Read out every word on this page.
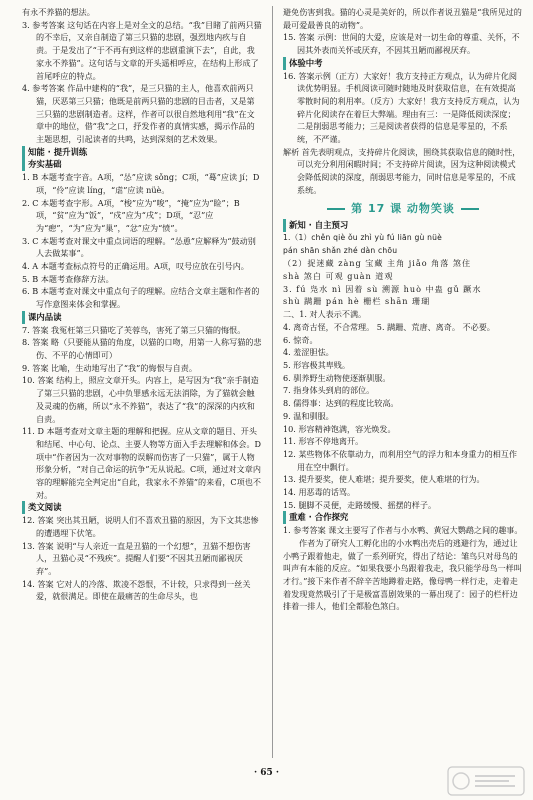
有永不养猫的想法。

3. 参考答案 这句话在内容上是对全文的总结。“我”目睹了前两只猫的不幸后，又亲自制造了第三只猫的悲剧，强烈地内疚与自责。于是发出了“于不再有到这样的悲剧重演下去”，自此，我家永不养猫”。这句话与文章的开头遥相呼应，在结构上形成了首尾呼应的特点。

4. 参考答案 作品中建构的“我”，是三只猫的主人，他喜欢前两只猫，厌恶第三只猫；他既是前两只猫的悲剧的目击者，又是第三只猫的悲剧制造者。这样，作者可以很自然地利用“我”在文章中的地位，借“我”之口，抒发作者的真情实感，揭示作品的主题思想，引起读者的共鸣，达到深刻的艺术效果。

知能 · 提升训练

夯实基础

1. B 本题考查字音。A项，“怂”应读 sǒng；C项，“蓦”应读 jí；D项，“伶”应读 líng，“虐”应读 nüè。

2. C 本题考查字形。A项，“梭”应为“唆”，“掩”应为“睑”；B项，“贫”应为“饭”，“戍”应为“戌”；D项，“忍”应为“瘛”，“为”应为“巢”，“忿”应为“愤”。

3. C 本题考查对课文中重点词语的理解。“怂恿”应解释为“鼓动别人去做某事”。

4. A 本题考查标点符号的正确运用。A项，叹号应放在引号内。

5. B 本题考查修辞方法。

6. B 本题考查对课文中重点句子的理解。应结合文章主题和作者的写作意图来体会和掌握。

课内品读

7. 答案 我冤枉第三只猫吃了芙蓉鸟，害死了第三只猫的悔恨。

8. 答案 略（只要能从猫的角度，以猫的口吻，用第一人称写猫的悲伤、不平的心情即可）

9. 答案 比喻，生动地写出了“我”的悔恨与自责。

10. 答案 结构上，照应文章开头。内容上，是写因为“我”亲手制造了第三只猫的悲剧，心中负罪感永远无法消除，为了猫就会触及灵魂的伤痛，所以“永不养猫”，表达了“我”的深深的内疚和自责。

11. D 本题考查对文章主题的理解和把握。应从文章的题目、开头和结尾、中心句、论点、主要人物等方面入手去理解和体会。D项中“作者因为一次对事物的误解而伤害了一只猫”，属于人物形象分析，“对自己命运的抗争”无从说起。C项，通过对文章内容的理解能完全判定出“自此，我家永不养猫”的来看，C项也不对。

类文阅读

12. 答案 突出其丑陋，说明人们不喜欢丑猫的原因，为下文其悲惨的遭遇埋下伏笔。

13. 答案 说明“与人亲近一直是丑猫的一个幻想”，丑猫不想伤害人，丑猫心灵“不残疾”。提醒人们要“不因其丑陋而鄙视厌弃”。

14. 答案 它对人的冷落、欺凌不怨恨，不计较，只求得到一丝关爱，就很满足。即使在最痛苦的生命尽头，也

避免伤害到我。猫的心灵是美好的，所以作者说丑猫是“我所见过的最可爱最善良的动物”。

15. 答案 示例：世间的大爱，应该是对一切生命的尊重、关怀，不因其外表而关怀或厌弃，不因其丑陋而鄙视厌弃。

体验中考

16. 答案示例（正方）大家好！我方支持正方观点，认为碎片化阅读优势明显。手机阅读可随时随地及时获取信息，在有效提高零散时间的利用率。（反方）大家好！我方支持反方观点，认为碎片化阅读存在着巨大弊端。理由有三：一是降低阅读深度；二是削弱思考能力；三是阅读者获得的信息是零星的，不系统，不严谨。

解析 首先表明观点，支持碎片化阅读，围绕其获取信息的随时性，可以充分利用闲暇时间；不支持碎片阅读，因为这种阅读模式会降低阅读的深度，削弱思考能力，同时信息是零星的，不成系统。

第 17 课 动物笑谈

新知 · 自主预习

1.（1）chěn qiè ǒu zhì yù fú liān gù nüè

pán shān shǎn zhé dàn chōu

（2）捉迷藏 zàng 宝藏 主角 jiǎo 角落 煞住

shà 煞白 可观 guàn 道观

3. fú 凫水 nì 因着 sù 溯源 huò 中蛊 gǔ 蹶水

shù 蹒跚 pán hè 栅栏 shān 珊瑚

二、1. 对人表示不满。

4. 离奇古怪，不合常理。 5. 蹒跚、荒唐、离奇。 不必要。

6. 惊奇。

4. 羞涩胆怯。

5. 形容极其卑贱。

6. 驯养野生动物使逐渐驯服。

7. 指身体头到肩的部位。

8. 儒得事：达到的程度比较高。

9. 温和驯服。

10. 形容精神饱满，容光焕发。

11. 形容不停地离开。

12. 某些物体不依靠动力，而利用空气的浮力和本身重力的相互作用在空中飘行。

13. 提升要奖，使人难堪；提升要奖，使人难堪的行为。

14. 用恶毒的话骂。

15. 腿脚不灵便，走路缓慢、摇摆的样子。

重难 · 合作探究

1. 参考答案 课文主要写了作者与小水鸭、黄冠大鹦鹉之间的趣事。

作者为了研究人工孵化出的小水鸭出壳后的逃避行为，通过让小鸭子跟着他走，做了一系列研究，得出了结论：雏鸟只对母鸟的叫声有本能的反应。“如果我要小鸟跟着我走，我只能学母鸟一样叫才行。”接下来作者不辞辛苦地蹲着走路，像母鸭一样行走，走着走着发现竟然吸引了于是极富喜剧效果的一幕出现了：园子的栏杆边排着一排人，他们全都脸色煞白。

· 65 ·
